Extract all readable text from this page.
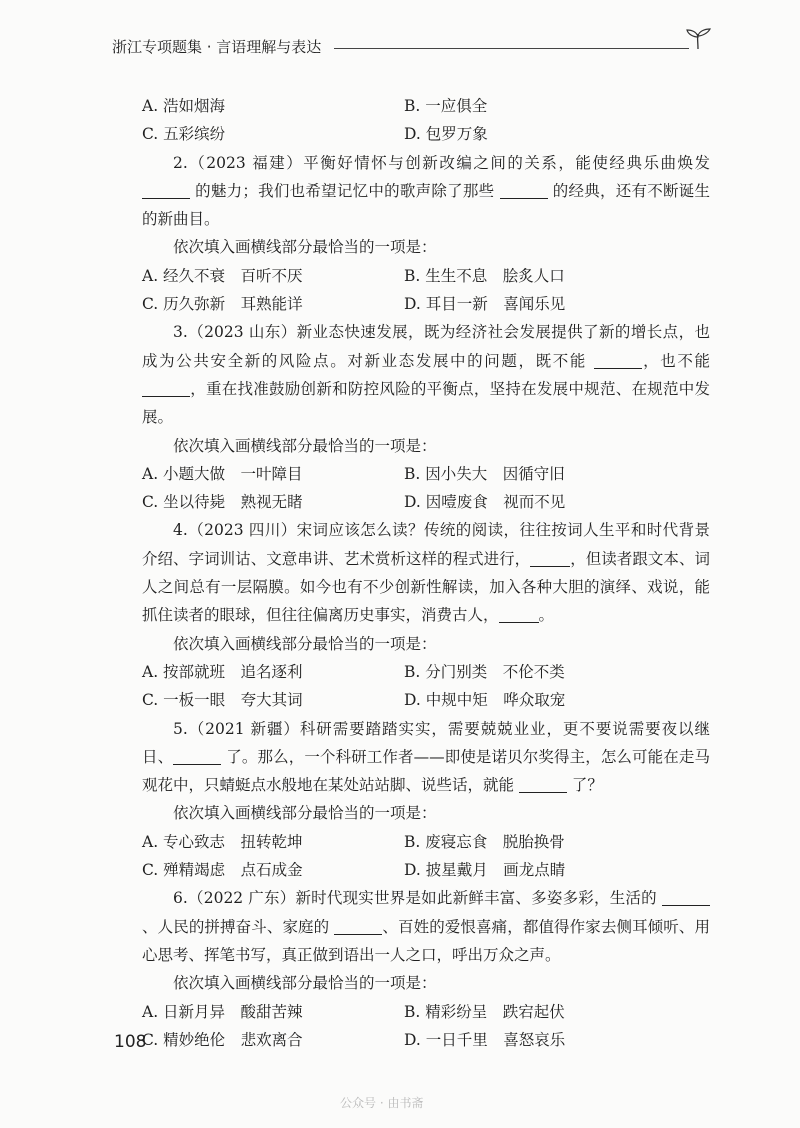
浙江专项题集 · 言语理解与表达
A. 浩如烟海	B. 一应俱全
C. 五彩缤纷	D. 包罗万象

2.（2023 福建）平衡好情怀与创新改编之间的关系，能使经典乐曲焕发  的魅力；我们也希望记忆中的歌声除了那些	的经典，还有不断诞生的新曲目。

依次填入画横线部分最恰当的一项是：

A. 经久不衰　百听不厌	B. 生生不息　脍炙人口
C. 历久弥新　耳熟能详	D. 耳目一新　喜闻乐见

3.（2023 山东）新业态快速发展，既为经济社会发展提供了新的增长点，也成为公共安全新的风险点。对新业态发展中的问题，既不能	，也不能 ，重在找准鼓励创新和防控风险的平衡点，坚持在发展中规范、在规范中发展。

依次填入画横线部分最恰当的一项是：

A. 小题大做　一叶障目	B. 因小失大　因循守旧
C. 坐以待毙　熟视无睹	D. 因噎废食　视而不见

4.（2023 四川）宋词应该怎么读？传统的阅读，往往按词人生平和时代背景介绍、字词训诂、文意串讲、艺术赏析这样的程式进行，	，但读者跟文本、词人之间总有一层隔膜。如今也有不少创新性解读，加入各种大胆的演绎、戏说，能抓住读者的眼球，但往往偏离历史事实，消费古人，	。

依次填入画横线部分最恰当的一项是：

A. 按部就班　追名逐利	B. 分门别类　不伦不类
C. 一板一眼　夸大其词	D. 中规中矩　哗众取宠

5.（2021 新疆）科研需要踏踏实实，需要兢兢业业，更不要说需要夜以继日、	了。那么，一个科研工作者——即使是诺贝尔奖得主，怎么可能在走马观花中，只蜻蜓点水般地在某处站站脚、说些话，就能	了？

依次填入画横线部分最恰当的一项是：

A. 专心致志　扭转乾坤	B. 废寝忘食　脱胎换骨
C. 殚精竭虑　点石成金	D. 披星戴月　画龙点睛

6.（2022 广东）新时代现实世界是如此新鲜丰富、多姿多彩，生活的 、人民的拼搏奋斗、家庭的	、百姓的爱恨喜痛，都值得作家去侧耳倾听、用心思考、挥笔书写，真正做到语出一人之口，呼出万众之声。

依次填入画横线部分最恰当的一项是：

A. 日新月异　酸甜苦辣	B. 精彩纷呈　跌宕起伏
C. 精妙绝伦　悲欢离合	D. 一日千里　喜怒哀乐
108
公众号 · 由书斋
